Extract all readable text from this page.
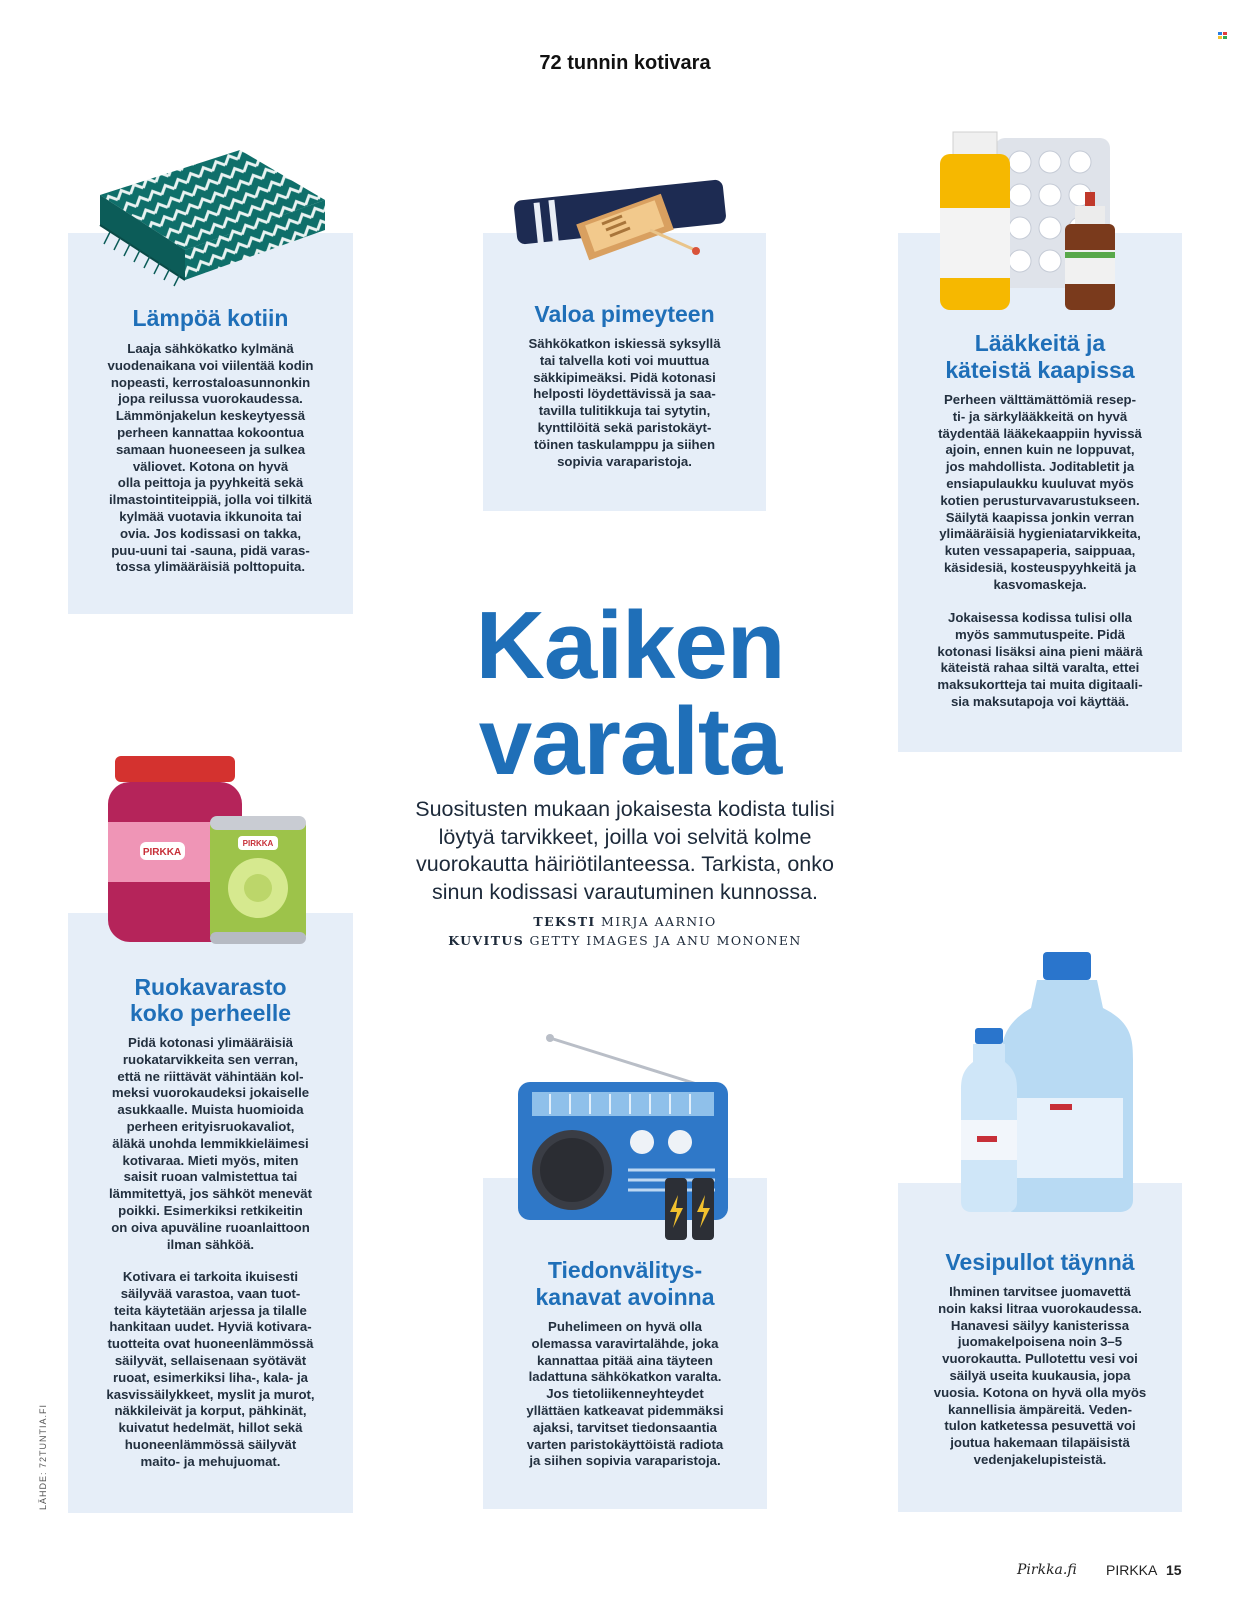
72 tunnin kotivara
Lämpöä kotiin

Laaja sähkökatko kylmänä
vuodenaikana voi viilentää kodin
nopeasti, kerrostaloasunnonkin
jopa reilussa vuorokaudessa.
Lämmönjakelun keskeytyessä
perheen kannattaa kokoontua
samaan huoneeseen ja sulkea
väliovet. Kotona on hyvä
olla peittoja ja pyyhkeitä sekä
ilmastointiteippiä, jolla voi tilkitä
kylmää vuotavia ikkunoita tai
ovia. Jos kodissasi on takka,
puu-uuni tai -sauna, pidä varas-
tossa ylimääräisiä polttopuita.

Valoa pimeyteen

Sähkökatkon iskiessä syksyllä
tai talvella koti voi muuttua
säkkipimeäksi. Pidä kotonasi
helposti löydettävissä ja saa-
tavilla tulitikkuja tai sytytin,
kynttilöitä sekä paristokäyt-
töinen taskulamppu ja siihen
sopivia varaparistoja.

Lääkkeitä ja
käteistä kaapissa

Perheen välttämättömiä resep-
ti- ja särkylääkkeitä on hyvä
täydentää lääkekaappiin hyvissä
ajoin, ennen kuin ne loppuvat,
jos mahdollista. Joditabletit ja
ensiapulaukku kuuluvat myös
kotien perusturvavarustukseen.
Säilytä kaapissa jonkin verran
ylimääräisiä hygieniatarvikkeita,
kuten vessapaperia, saippuaa,
käsidesiä, kosteuspyyhkeitä ja
kasvomaskeja.

Jokaisessa kodissa tulisi olla
myös sammutuspeite. Pidä
kotonasi lisäksi aina pieni määrä
käteistä rahaa siltä varalta, ettei
maksukortteja tai muita digitaali-
sia maksutapoja voi käyttää.

Kaiken
varalta
Suositusten mukaan jokaisesta kodista tulisi
löytyä tarvikkeet, joilla voi selvitä kolme
vuorokautta häiriötilanteessa. Tarkista, onko
sinun kodissasi varautuminen kunnossa.
TEKSTI MIRJA AARNIO
KUVITUS GETTY IMAGES JA ANU MONONEN
PIRKKA
PIRKKA
Ruokavarasto
koko perheelle

Pidä kotonasi ylimääräisiä
ruokatarvikkeita sen verran,
että ne riittävät vähintään kol-
meksi vuorokaudeksi jokaiselle
asukkaalle. Muista huomioida
perheen erityisruokavaliot,
äläkä unohda lemmikkieläimesi
kotivaraa. Mieti myös, miten
saisit ruoan valmistettua tai
lämmitettyä, jos sähköt menevät
poikki. Esimerkiksi retkikeitin
on oiva apuväline ruoanlaittoon
ilman sähköä.

Kotivara ei tarkoita ikuisesti
säilyvää varastoa, vaan tuot-
teita käytetään arjessa ja tilalle
hankitaan uudet. Hyviä kotivara-
tuotteita ovat huoneenlämmössä
säilyvät, sellaisenaan syötävät
ruoat, esimerkiksi liha-, kala- ja
kasvissäilykkeet, myslit ja murot,
näkkileivät ja korput, pähkinät,
kuivatut hedelmät, hillot sekä
huoneenlämmössä säilyvät
maito- ja mehujuomat.

Tiedonvälitys-
kanavat avoinna

Puhelimeen on hyvä olla
olemassa varavirtalähde, joka
kannattaa pitää aina täyteen
ladattuna sähkökatkon varalta.
Jos tietoliikenneyhteydet
yllättäen katkeavat pidemmäksi
ajaksi, tarvitset tiedonsaantia
varten paristokäyttöistä radiota
ja siihen sopivia varaparistoja.

Vesipullot täynnä

Ihminen tarvitsee juomavettä
noin kaksi litraa vuorokaudessa.
Hanavesi säilyy kanisterissa
juomakelpoisena noin 3–5
vuorokautta. Pullotettu vesi voi
säilyä useita kuukausia, jopa
vuosia. Kotona on hyvä olla myös
kannellisia ämpäreitä. Veden-
tulon katketessa pesuvettä voi
joutua hakemaan tilapäisistä
vedenjakelupisteistä.

LÄHDE: 72TUNTIA.FI
Pirkka.fi PIRKKA 15
